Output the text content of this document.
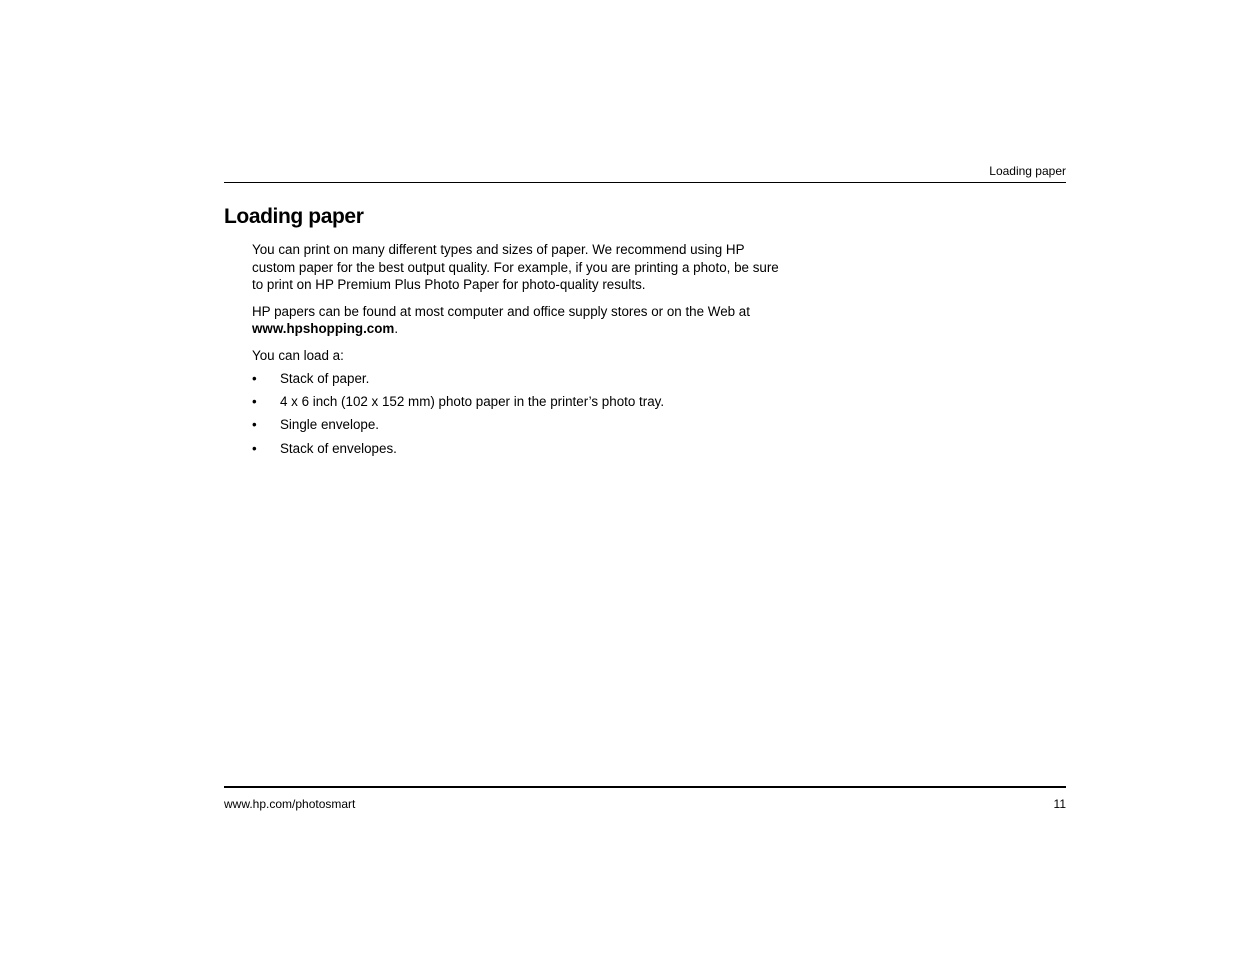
Loading paper
Loading paper

You can print on many different types and sizes of paper. We recommend using HP custom paper for the best output quality. For example, if you are printing a photo, be sure to print on HP Premium Plus Photo Paper for photo-quality results.

HP papers can be found at most computer and office supply stores or on the Web at www.hpshopping.com.

You can load a:

• Stack of paper.
• 4 x 6 inch (102 x 152 mm) photo paper in the printer’s photo tray.
• Single envelope.
• Stack of envelopes.
www.hp.com/photosmart	11
